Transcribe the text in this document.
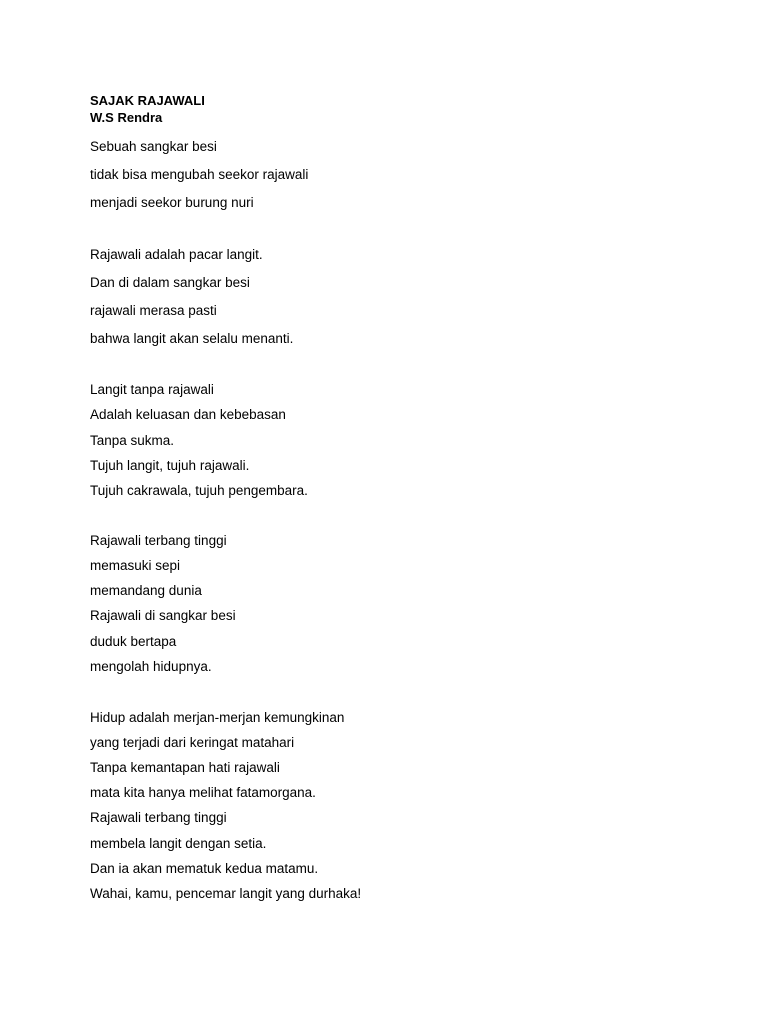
SAJAK RAJAWALI
W.S Rendra

Sebuah sangkar besi

tidak bisa mengubah seekor rajawali

menjadi seekor burung nuri

Rajawali adalah pacar langit.

Dan di dalam sangkar besi

rajawali merasa pasti

bahwa langit akan selalu menanti.

Langit tanpa rajawali

Adalah keluasan dan kebebasan

Tanpa sukma.

Tujuh langit, tujuh rajawali.

Tujuh cakrawala, tujuh pengembara.

Rajawali terbang tinggi

memasuki sepi

memandang dunia

Rajawali di sangkar besi

duduk bertapa

mengolah hidupnya.

Hidup adalah merjan-merjan kemungkinan

yang terjadi dari keringat matahari

Tanpa kemantapan hati rajawali

mata kita hanya melihat fatamorgana.

Rajawali terbang tinggi

membela langit dengan setia.

Dan ia akan mematuk kedua matamu.

Wahai, kamu, pencemar langit yang durhaka!
